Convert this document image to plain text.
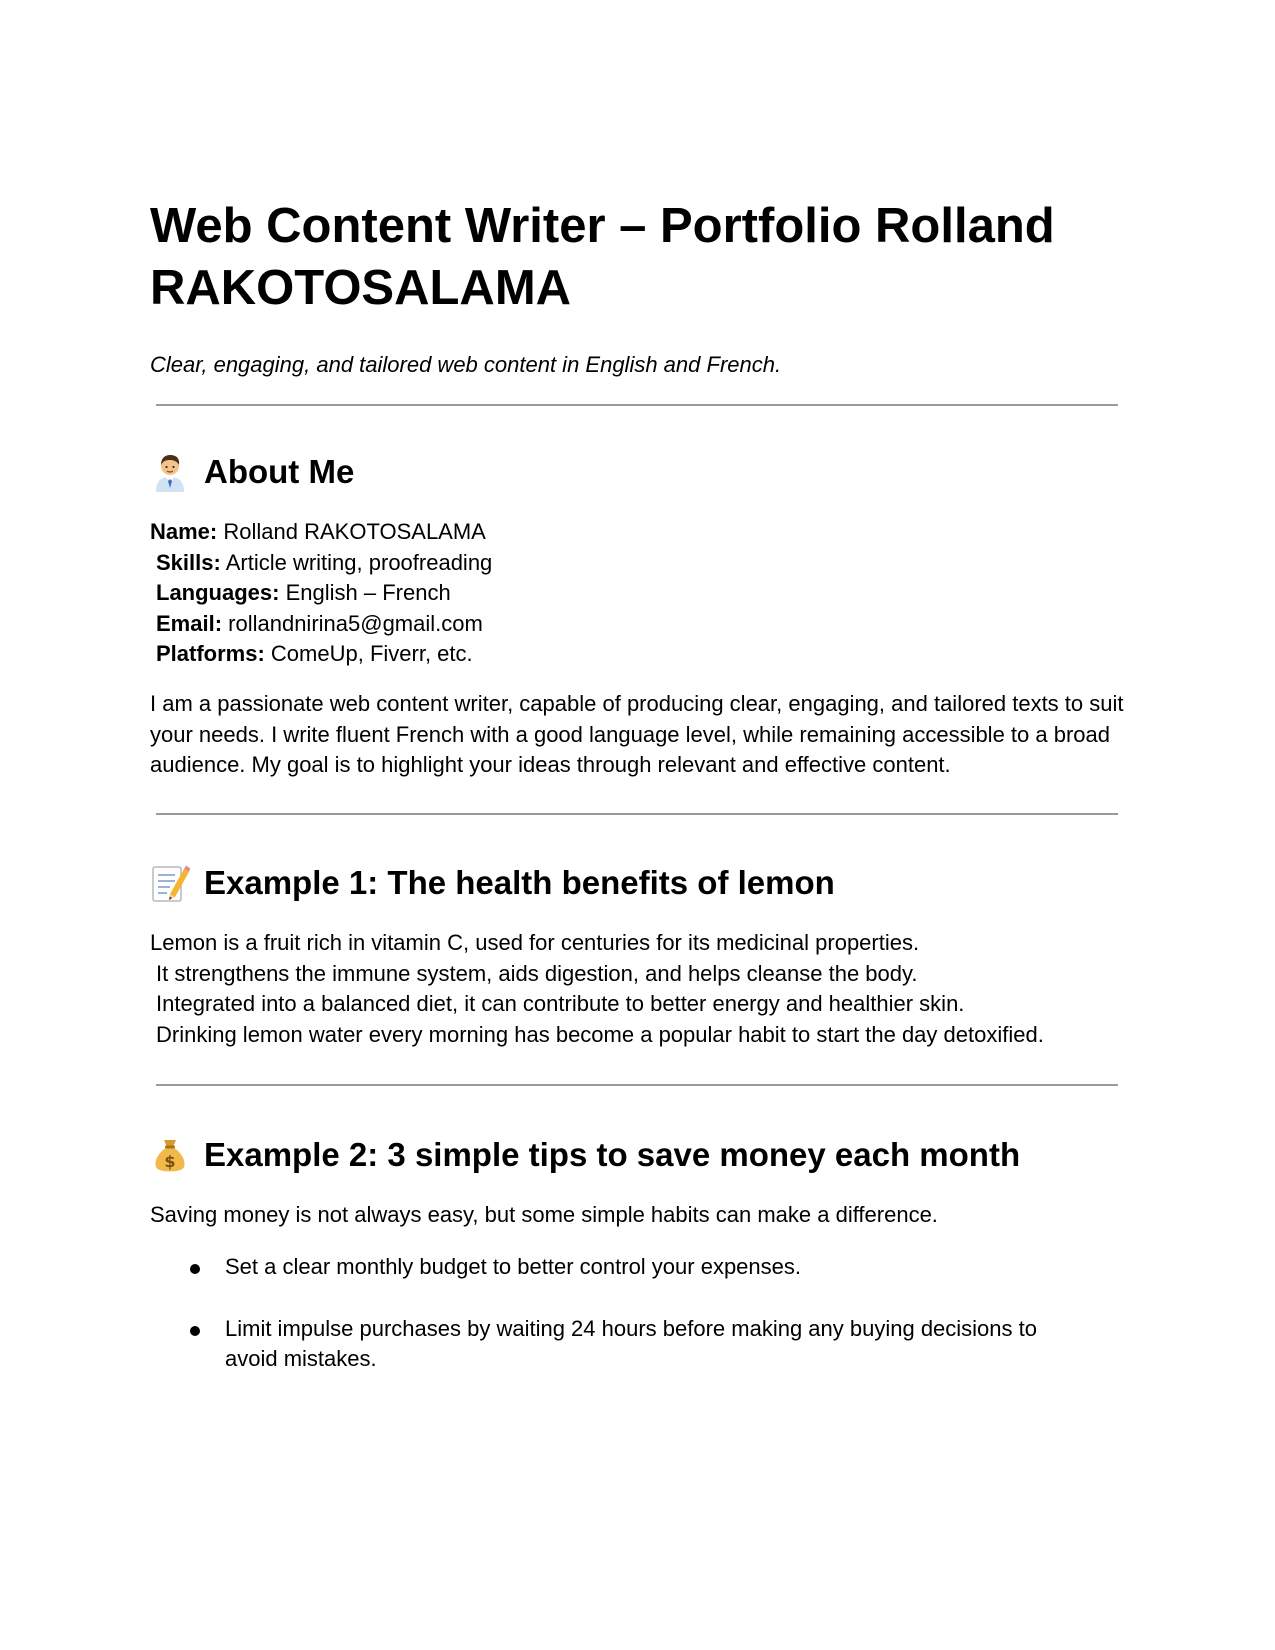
Web Content Writer – Portfolio Rolland RAKOTOSALAMA

Clear, engaging, and tailored web content in English and French.

About Me
Name: Rolland RAKOTOSALAMA
Skills: Article writing, proofreading
Languages: English – French
Email: rollandnirina5@gmail.com
Platforms: ComeUp, Fiverr, etc.

I am a passionate web content writer, capable of producing clear, engaging, and tailored texts to suit your needs. I write fluent French with a good language level, while remaining accessible to a broad audience. My goal is to highlight your ideas through relevant and effective content.

Example 1: The health benefits of lemon
Lemon is a fruit rich in vitamin C, used for centuries for its medicinal properties.
It strengthens the immune system, aids digestion, and helps cleanse the body.
Integrated into a balanced diet, it can contribute to better energy and healthier skin.
Drinking lemon water every morning has become a popular habit to start the day detoxified.
$ Example 2: 3 simple tips to save money each month

Saving money is not always easy, but some simple habits can make a difference.

Set a clear monthly budget to better control your expenses.
Limit impulse purchases by waiting 24 hours before making any buying decisions to avoid mistakes.
